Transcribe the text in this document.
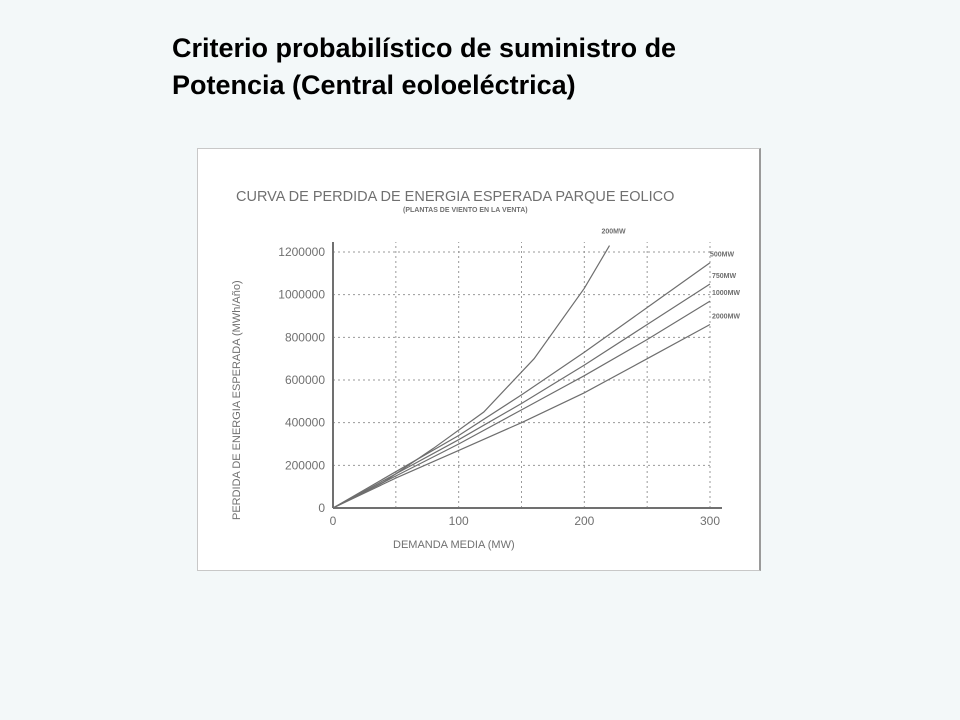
Criterio probabilístico de suministro de
Potencia (Central eoloeléctrica)
CURVA DE PERDIDA DE ENERGIA ESPERADA PARQUE EOLICO
(PLANTAS DE VIENTO EN LA VENTA)
DEMANDA MEDIA (MW)
PERDIDA DE ENERGIA ESPERADA (MWh/Año)	0
200000
400000
600000
800000
1000000
1200000
0	100	200	300
200MW
500MW
750MW
1000MW
2000MW
